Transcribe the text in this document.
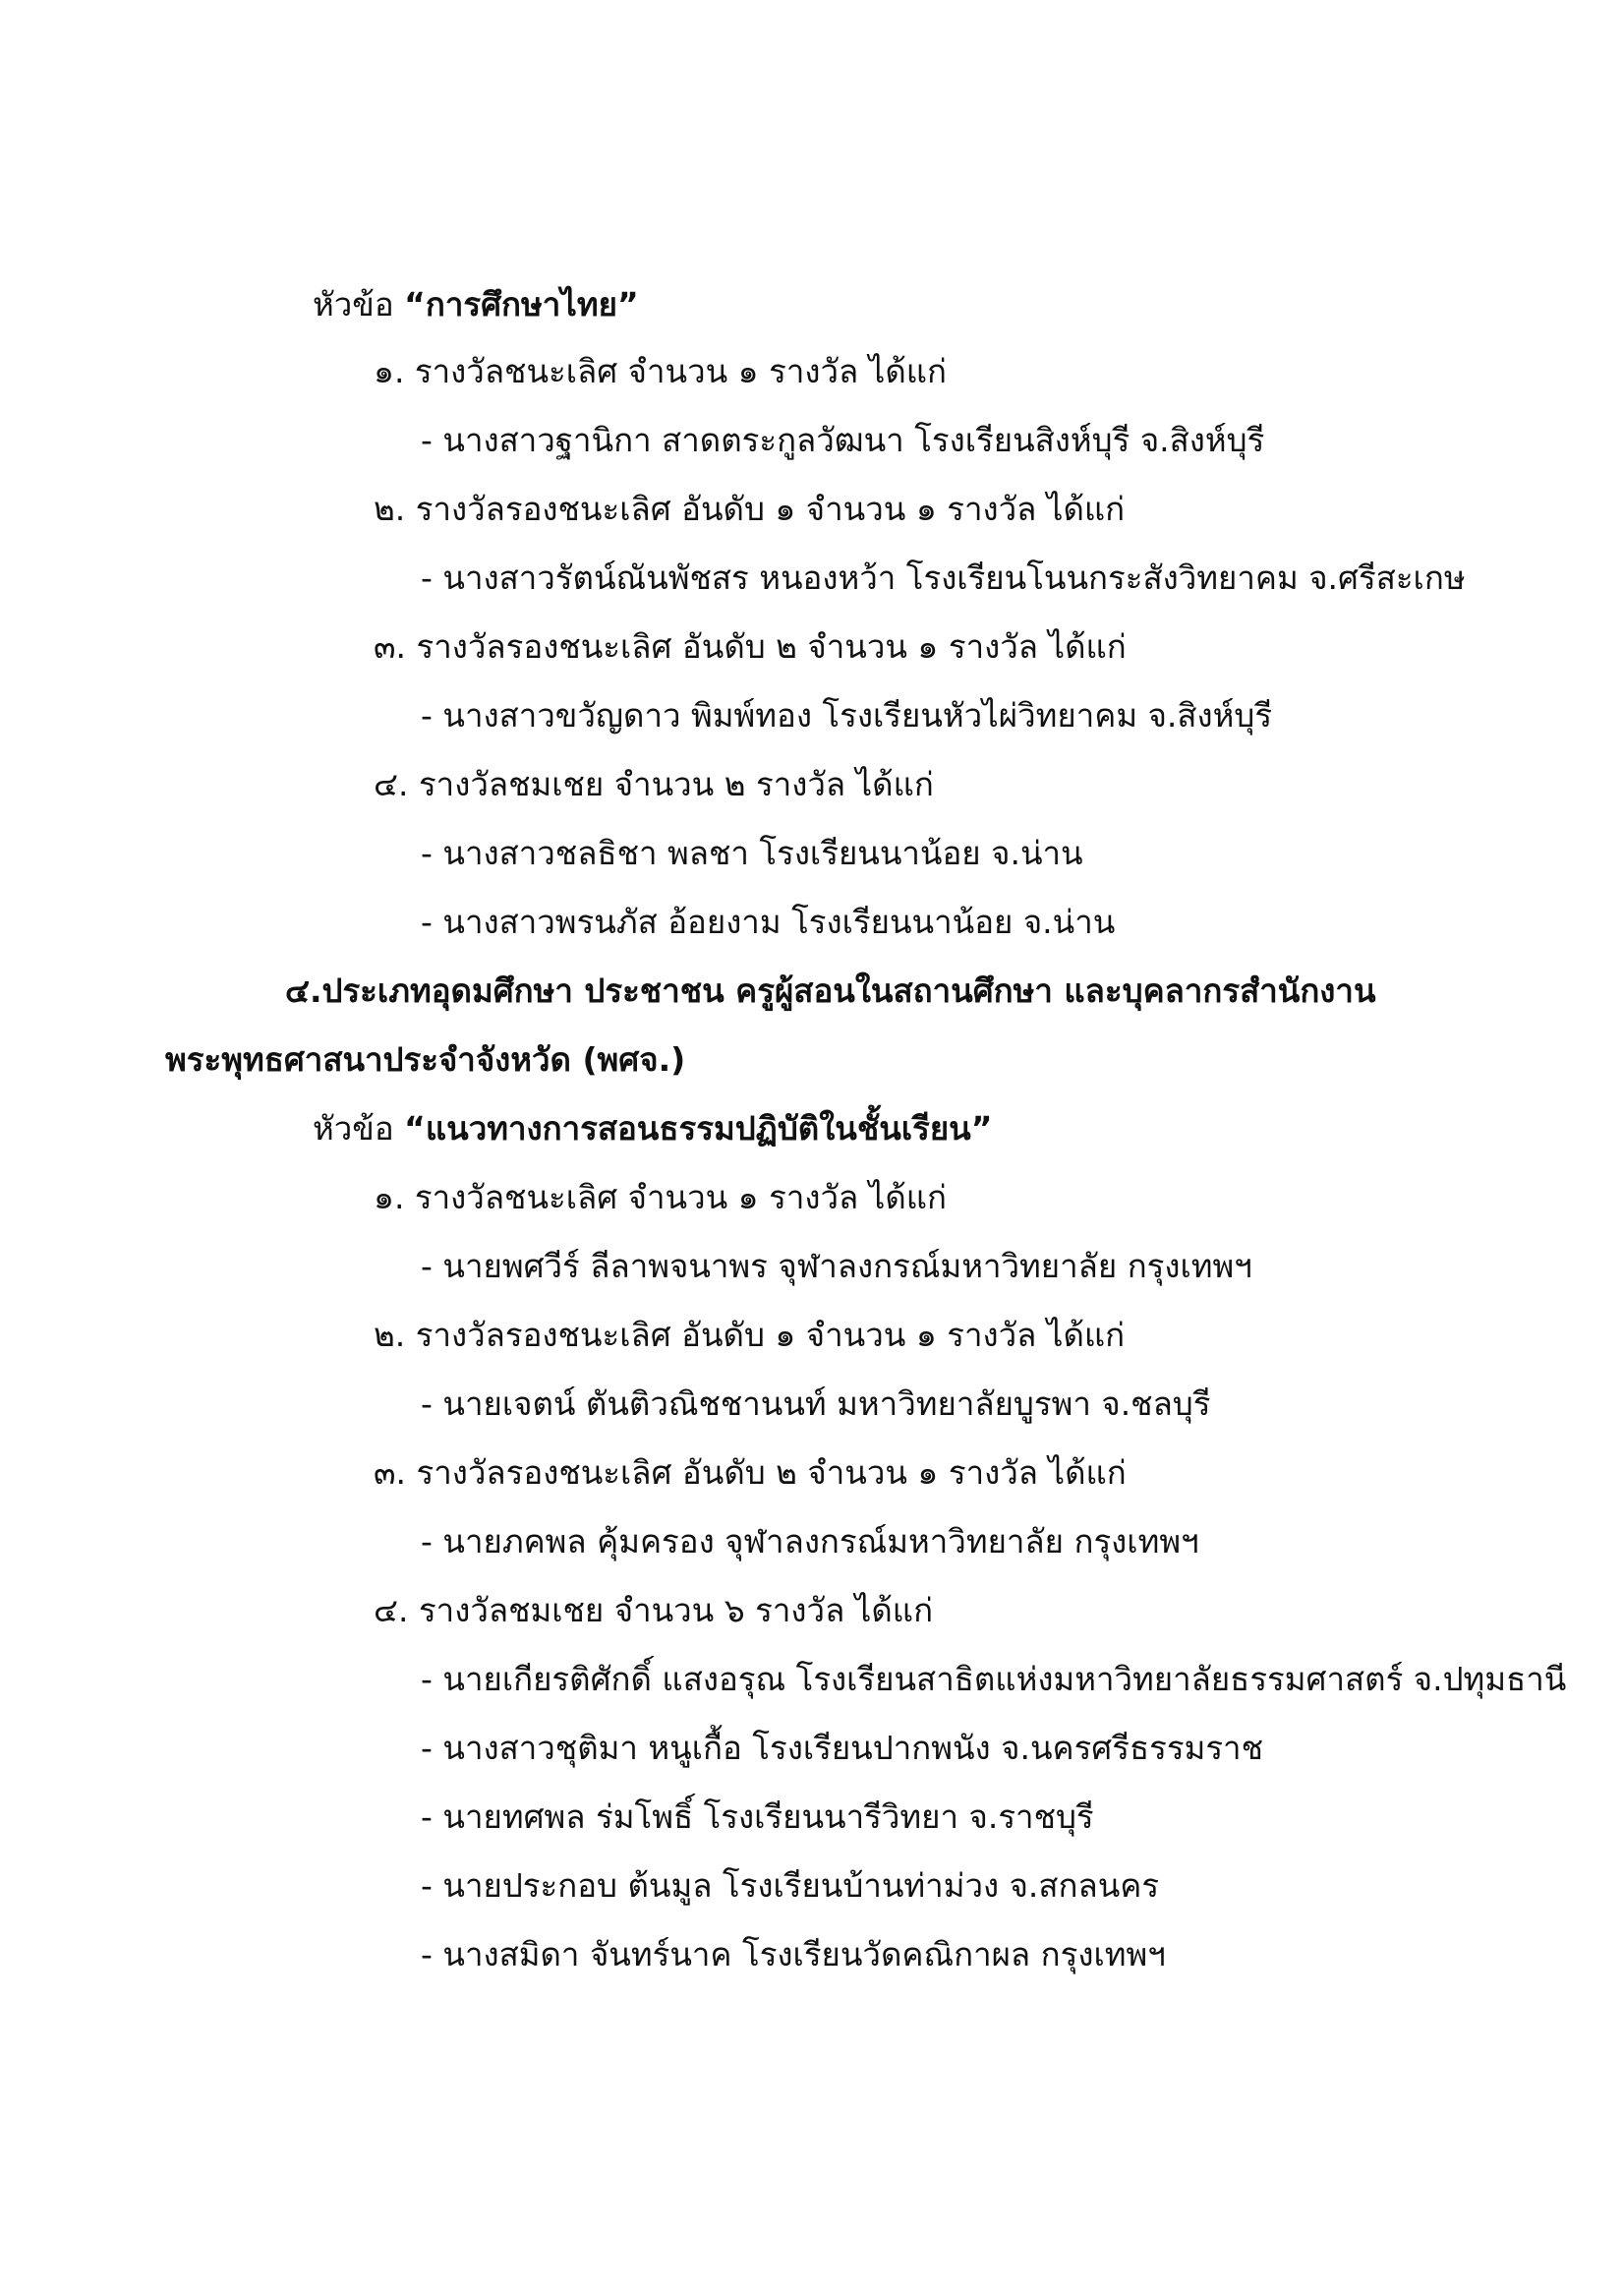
หัวข้อ “การศึกษาไทย”
๑. รางวัลชนะเลิศ จำนวน ๑ รางวัล ได้แก่
- นางสาวฐานิกา สาดตระกูลวัฒนา โรงเรียนสิงห์บุรี จ.สิงห์บุรี
๒. รางวัลรองชนะเลิศ อันดับ ๑ จำนวน ๑ รางวัล ได้แก่
- นางสาวรัตน์ณันพัชสร หนองหว้า โรงเรียนโนนกระสังวิทยาคม จ.ศรีสะเกษ
๓. รางวัลรองชนะเลิศ อันดับ ๒ จำนวน ๑ รางวัล ได้แก่
- นางสาวขวัญดาว พิมพ์ทอง โรงเรียนหัวไผ่วิทยาคม จ.สิงห์บุรี
๔. รางวัลชมเชย จำนวน ๒ รางวัล ได้แก่
- นางสาวชลธิชา พลชา โรงเรียนนาน้อย จ.น่าน
- นางสาวพรนภัส อ้อยงาม โรงเรียนนาน้อย จ.น่าน
๔.ประเภทอุดมศึกษา ประชาชน ครูผู้สอนในสถานศึกษา และบุคลากรสำนักงาน
พระพุทธศาสนาประจำจังหวัด (พศจ.)
หัวข้อ “แนวทางการสอนธรรมปฏิบัติในชั้นเรียน”
๑. รางวัลชนะเลิศ จำนวน ๑ รางวัล ได้แก่
- นายพศวีร์ ลีลาพจนาพร จุฬาลงกรณ์มหาวิทยาลัย กรุงเทพฯ
๒. รางวัลรองชนะเลิศ อันดับ ๑ จำนวน ๑ รางวัล ได้แก่
- นายเจตน์ ตันติวณิชชานนท์ มหาวิทยาลัยบูรพา จ.ชลบุรี
๓. รางวัลรองชนะเลิศ อันดับ ๒ จำนวน ๑ รางวัล ได้แก่
- นายภคพล คุ้มครอง จุฬาลงกรณ์มหาวิทยาลัย กรุงเทพฯ
๔. รางวัลชมเชย จำนวน ๖ รางวัล ได้แก่
- นายเกียรติศักดิ์ แสงอรุณ โรงเรียนสาธิตแห่งมหาวิทยาลัยธรรมศาสตร์ จ.ปทุมธานี
- นางสาวชุติมา หนูเกื้อ โรงเรียนปากพนัง จ.นครศรีธรรมราช
- นายทศพล ร่มโพธิ์ โรงเรียนนารีวิทยา จ.ราชบุรี
- นายประกอบ ต้นมูล โรงเรียนบ้านท่าม่วง จ.สกลนคร
- นางสมิดา จันทร์นาค โรงเรียนวัดคณิกาผล กรุงเทพฯ
